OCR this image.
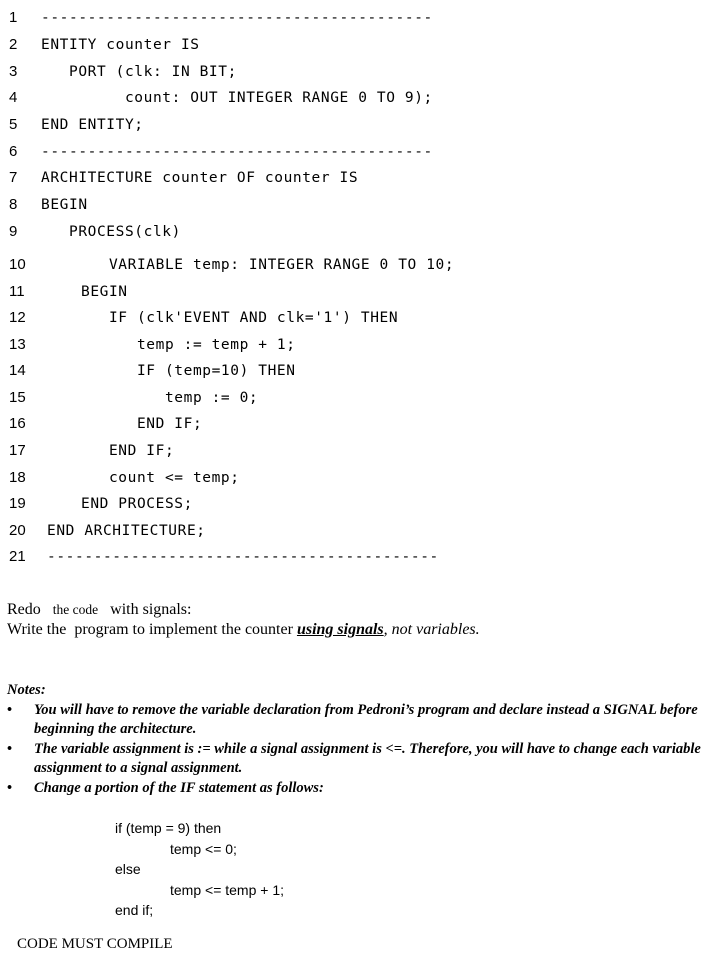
1 ------------------------------------------
2 ENTITY counter IS
3 PORT (clk: IN BIT;
4 count: OUT INTEGER RANGE 0 TO 9);
5 END ENTITY;
6 ------------------------------------------
7 ARCHITECTURE counter OF counter IS
8 BEGIN
9 PROCESS(clk)
10 VARIABLE temp: INTEGER RANGE 0 TO 10;
11 BEGIN
12 IF (clk'EVENT AND clk='1') THEN
13 temp := temp + 1;
14 IF (temp=10) THEN
15 temp := 0;
16 END IF;
17 END IF;
18 count <= temp;
19 END PROCESS;
20 END ARCHITECTURE;
21 ------------------------------------------
Redo the code with signals:
Write the program to implement the counter using signals, not variables.
Notes:
• You will have to remove the variable declaration from Pedroni’s program and declare instead a SIGNAL before beginning the architecture.
• The variable assignment is := while a signal assignment is <=. Therefore, you will have to change each variable assignment to a signal assignment.
• Change a portion of the IF statement as follows:
if (temp = 9) then
temp <= 0;
else
temp <= temp + 1;
end if;
CODE MUST COMPILE
